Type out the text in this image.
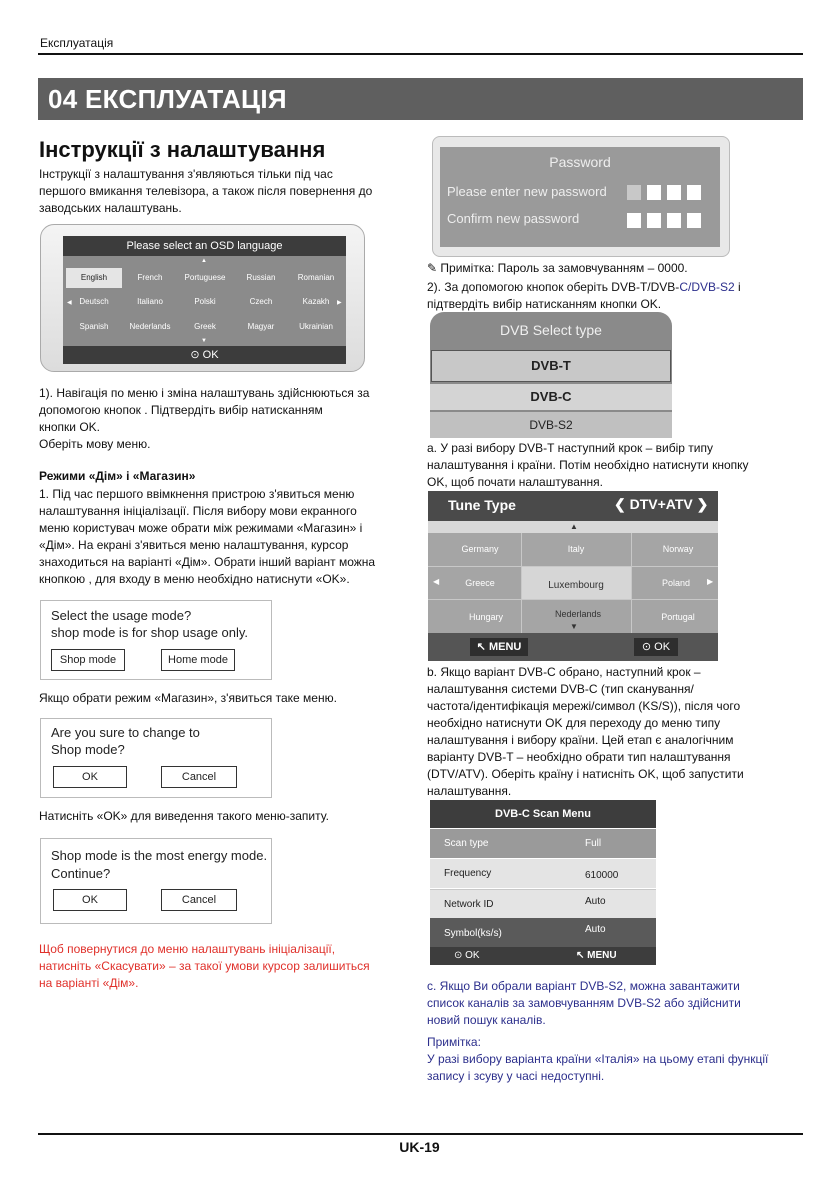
Експлуатація
04 ЕКСПЛУАТАЦІЯ
Інструкції з налаштування
Інструкції з налаштування з'являються тільки під час
першого вмикання телевізора, а також після повернення до
заводських налаштувань.
English	French	Portuguese	Russian	Romanian
Deutsch	Italiano	Polski	Czech	Kazakh
Spanish	Nederlands	Greek	Magyar	Ukrainian
▲
◀	▶
▼
Please select an OSD language
⊙ OK
1). Навігація по меню і зміна налаштувань здійснюються за
допомогою кнопок . Підтвердіть вибір натисканням
кнопки OK.
Оберіть мову меню.
Режими «Дім» і «Магазин»
1. Під час першого ввімкнення пристрою з'явиться меню
налаштування ініціалізації. Після вибору мови екранного
меню користувач може обрати між режимами «Магазин» і
«Дім». На екрані з'явиться меню налаштування, курсор
знаходиться на варіанті «Дім». Обрати інший варіант можна
кнопкою , для входу в меню необхідно натиснути «OK».
Select the usage mode?
shop mode is for shop usage only.
Shop mode	Home mode
Якщо обрати режим «Магазин», з'явиться таке меню.
Are you sure to change to
Shop mode?
OK	Cancel
Натисніть «OK» для виведення такого меню-запиту.
Shop mode is the most energy mode.
Continue?
OK	Cancel
Щоб повернутися до меню налаштувань ініціалізації,
натисніть «Скасувати» – за такої умови курсор залишиться
на варіанті «Дім».
Password
Please enter new password
Confirm new password
✎ Примітка: Пароль за замовчуванням – 0000.
2). За допомогою кнопок оберіть DVB-T/DVB-C/DVB-S2 і
підтвердіть вибір натисканням кнопки OK.
DVB Select type
DVB-T
DVB-C
DVB-S2
a. У разі вибору DVB-T наступний крок – вибір типу
налаштування і країни. Потім необхідно натиснути кнопку
OK, щоб почати налаштування.
Tune Type	❮ DTV+ATV ❯
▲
Germany	Italy	Norway
Greece	Luxembourg	Poland
Hungary	Nederlands	Portugal
◀	▶
▼
↖ MENU	⊙ OK
b. Якщо варіант DVB-C обрано, наступний крок –
налаштування системи DVB-C (тип сканування/
частота/ідентифікація мережі/символ (KS/S)), після чого
необхідно натиснути OK для переходу до меню типу
налаштування і вибору країни. Цей етап є аналогічним
варіанту DVB-T – необхідно обрати тип налаштування
(DTV/ATV). Оберіть країну і натисніть OK, щоб запустити
налаштування.
DVB-C Scan Menu
Scan type	Full
Frequency	610000
Network ID	Auto
Symbol(ks/s)	Auto
⊙ OK	↖ MENU
c. Якщо Ви обрали варіант DVB-S2, можна завантажити
список каналів за замовчуванням DVB-S2 або здійснити
новий пошук каналів.
Примітка:
У разі вибору варіанта країни «Італія» на цьому етапі функції
запису і зсуву у часі недоступні.
UK-19
